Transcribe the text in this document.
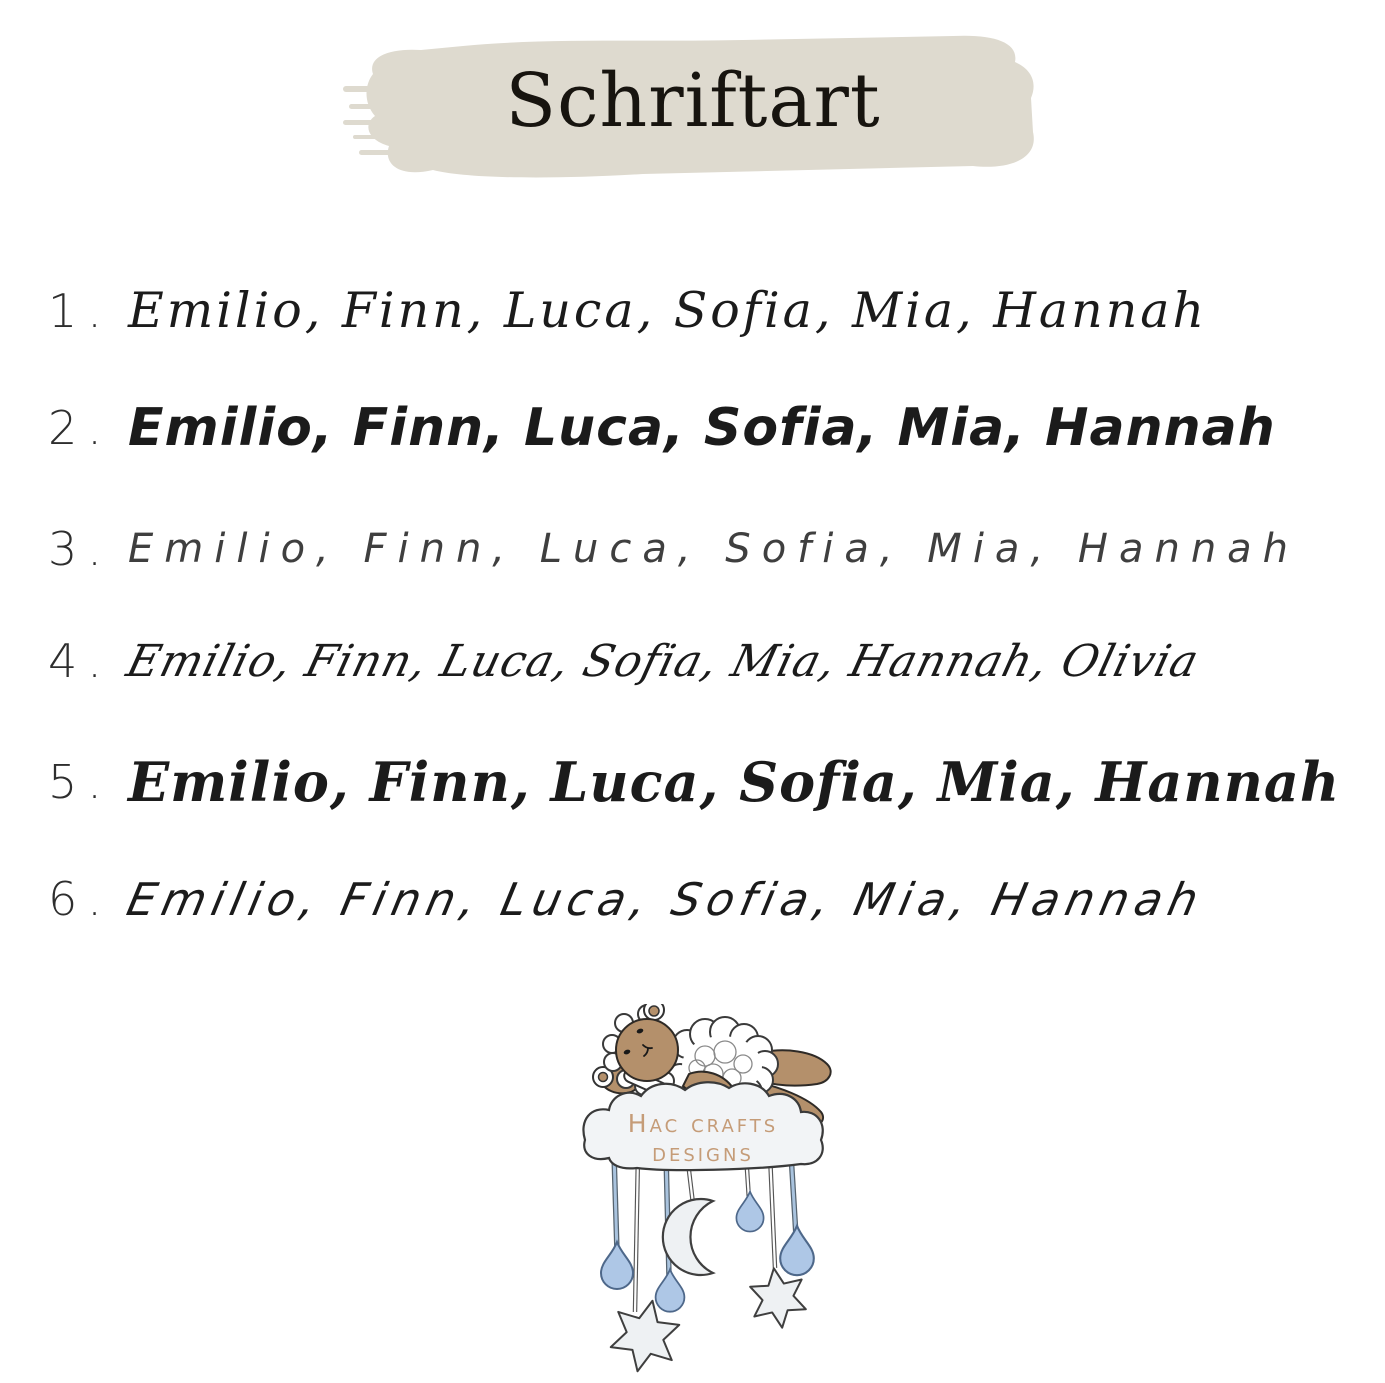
Schriftart
1. Emilio, Finn, Luca, Sofia, Mia, Hannah
2. Emilio, Finn, Luca, Sofia, Mia, Hannah
3. Emilio, Finn, Luca, Sofia, Mia, Hannah
4. Emilio, Finn, Luca, Sofia, Mia, Hannah, Olivia
5. Emilio, Finn, Luca, Sofia, Mia, Hannah
6. Emilio, Finn, Luca, Sofia, Mia, Hannah
Hac crafts
designs
